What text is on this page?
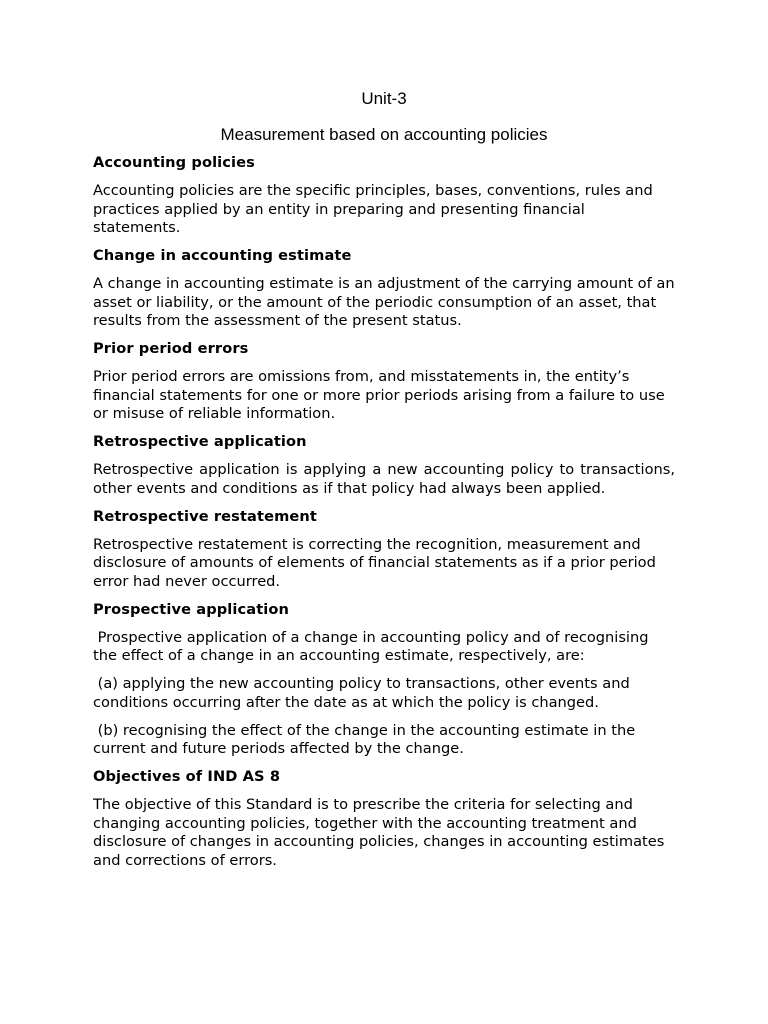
Unit-3
Measurement based on accounting policies

Accounting policies

Accounting policies are the specific principles, bases, conventions, rules and practices applied by an entity in preparing and presenting financial statements.

Change in accounting estimate

A change in accounting estimate is an adjustment of the carrying amount of an asset or liability, or the amount of the periodic consumption of an asset, that results from the assessment of the present status.

Prior period errors

Prior period errors are omissions from, and misstatements in, the entity’s financial statements for one or more prior periods arising from a failure to use or misuse of reliable information.

Retrospective application

Retrospective application is applying a new accounting policy to transactions, other events and conditions as if that policy had always been applied.

Retrospective restatement

Retrospective restatement is correcting the recognition, measurement and disclosure of amounts of elements of financial statements as if a prior period error had never occurred.

Prospective application

Prospective application of a change in accounting policy and of recognising the effect of a change in an accounting estimate, respectively, are:

(a) applying the new accounting policy to transactions, other events and conditions occurring after the date as at which the policy is changed.

(b) recognising the effect of the change in the accounting estimate in the current and future periods affected by the change.

Objectives of IND AS 8

The objective of this Standard is to prescribe the criteria for selecting and changing accounting policies, together with the accounting treatment and disclosure of changes in accounting policies, changes in accounting estimates and corrections of errors.
